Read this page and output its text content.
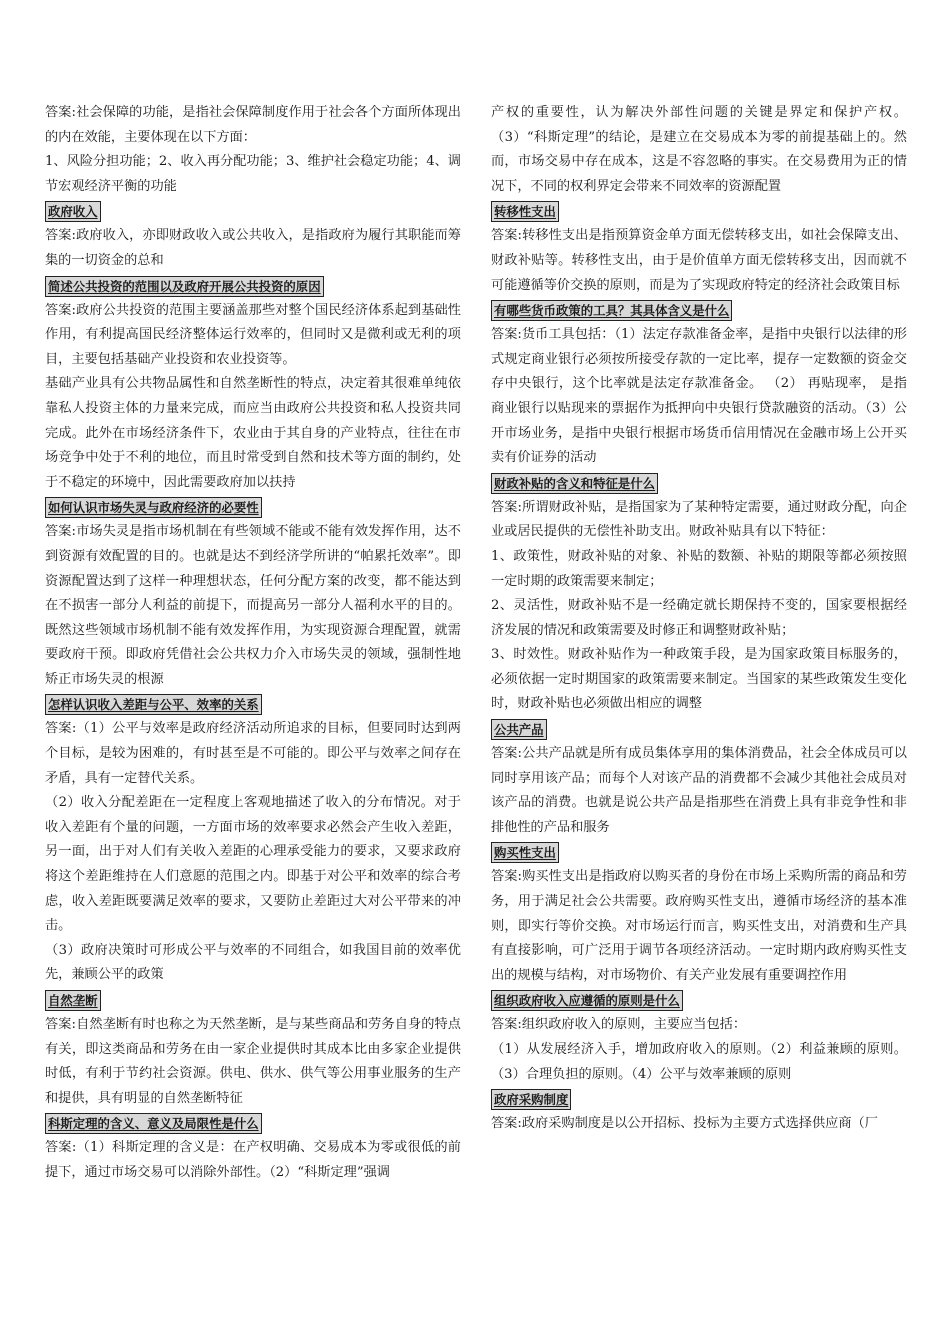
答案:社会保障的功能，是指社会保障制度作用于社会各个方面所体现出的内在效能，主要体现在以下方面：

1、风险分担功能；2、收入再分配功能；3、维护社会稳定功能；4、调节宏观经济平衡的功能

政府收入

答案:政府收入，亦即财政收入或公共收入，是指政府为履行其职能而筹集的一切资金的总和

简述公共投资的范围以及政府开展公共投资的原因

答案:政府公共投资的范围主要涵盖那些对整个国民经济体系起到基础性作用，有利提高国民经济整体运行效率的，但同时又是微利或无利的项目，主要包括基础产业投资和农业投资等。

基础产业具有公共物品属性和自然垄断性的特点，决定着其很难单纯依靠私人投资主体的力量来完成，而应当由政府公共投资和私人投资共同完成。此外在市场经济条件下，农业由于其自身的产业特点，往往在市场竞争中处于不利的地位，而且时常受到自然和技术等方面的制约，处于不稳定的环境中，因此需要政府加以扶持

如何认识市场失灵与政府经济的必要性

答案:市场失灵是指市场机制在有些领域不能或不能有效发挥作用，达不到资源有效配置的目的。也就是达不到经济学所讲的“帕累托效率”。即资源配置达到了这样一种理想状态，任何分配方案的改变，都不能达到在不损害一部分人利益的前提下，而提高另一部分人福利水平的目的。既然这些领域市场机制不能有效发挥作用，为实现资源合理配置，就需要政府干预。即政府凭借社会公共权力介入市场失灵的领域，强制性地矫正市场失灵的根源

怎样认识收入差距与公平、效率的关系

答案:（1）公平与效率是政府经济活动所追求的目标，但要同时达到两个目标，是较为困难的，有时甚至是不可能的。即公平与效率之间存在矛盾，具有一定替代关系。

（2）收入分配差距在一定程度上客观地描述了收入的分布情况。对于收入差距有个量的问题，一方面市场的效率要求必然会产生收入差距，另一面，出于对人们有关收入差距的心理承受能力的要求，又要求政府将这个差距维持在人们意愿的范围之内。即基于对公平和效率的综合考虑，收入差距既要满足效率的要求，又要防止差距过大对公平带来的冲击。

（3）政府决策时可形成公平与效率的不同组合，如我国目前的效率优先，兼顾公平的政策

自然垄断

答案:自然垄断有时也称之为天然垄断，是与某些商品和劳务自身的特点有关，即这类商品和劳务在由一家企业提供时其成本比由多家企业提供时低，有利于节约社会资源。供电、供水、供气等公用事业服务的生产和提供，具有明显的自然垄断特征

科斯定理的含义、意义及局限性是什么

答案:（1）科斯定理的含义是：在产权明确、交易成本为零或很低的前提下，通过市场交易可以消除外部性。（2）“科斯定理”强调

产权的重要性，认为解决外部性问题的关键是界定和保护产权。（3）“科斯定理”的结论，是建立在交易成本为零的前提基础上的。然而，市场交易中存在成本，这是不容忽略的事实。在交易费用为正的情况下，不同的权利界定会带来不同效率的资源配置

转移性支出

答案:转移性支出是指预算资金单方面无偿转移支出，如社会保障支出、财政补贴等。转移性支出，由于是价值单方面无偿转移支出，因而就不可能遵循等价交换的原则，而是为了实现政府特定的经济社会政策目标

有哪些货币政策的工具？其具体含义是什么

答案:货币工具包括：（1）法定存款准备金率，是指中央银行以法律的形式规定商业银行必须按所接受存款的一定比率，提存一定数额的资金交存中央银行，这个比率就是法定存款准备金。 （2） 再贴现率， 是指商业银行以贴现来的票据作为抵押向中央银行贷款融资的活动。（3）公开市场业务，是指中央银行根据市场货币信用情况在金融市场上公开买卖有价证券的活动

财政补贴的含义和特征是什么

答案:所谓财政补贴，是指国家为了某种特定需要，通过财政分配，向企业或居民提供的无偿性补助支出。财政补贴具有以下特征：

1、政策性，财政补贴的对象、补贴的数额、补贴的期限等都必须按照一定时期的政策需要来制定；

2、灵活性，财政补贴不是一经确定就长期保持不变的，国家要根据经济发展的情况和政策需要及时修正和调整财政补贴；

3、时效性。财政补贴作为一种政策手段，是为国家政策目标服务的，必须依据一定时期国家的政策需要来制定。当国家的某些政策发生变化时，财政补贴也必须做出相应的调整

公共产品

答案:公共产品就是所有成员集体享用的集体消费品，社会全体成员可以同时享用该产品；而每个人对该产品的消费都不会减少其他社会成员对该产品的消费。也就是说公共产品是指那些在消费上具有非竞争性和非排他性的产品和服务

购买性支出

答案:购买性支出是指政府以购买者的身份在市场上采购所需的商品和劳务，用于满足社会公共需要。政府购买性支出，遵循市场经济的基本准则，即实行等价交换。对市场运行而言，购买性支出，对消费和生产具有直接影响，可广泛用于调节各项经济活动。一定时期内政府购买性支出的规模与结构，对市场物价、有关产业发展有重要调控作用

组织政府收入应遵循的原则是什么

答案:组织政府收入的原则，主要应当包括：

（1）从发展经济入手，增加政府收入的原则。（2）利益兼顾的原则。（3）合理负担的原则。（4）公平与效率兼顾的原则

政府采购制度

答案:政府采购制度是以公开招标、投标为主要方式选择供应商（厂
